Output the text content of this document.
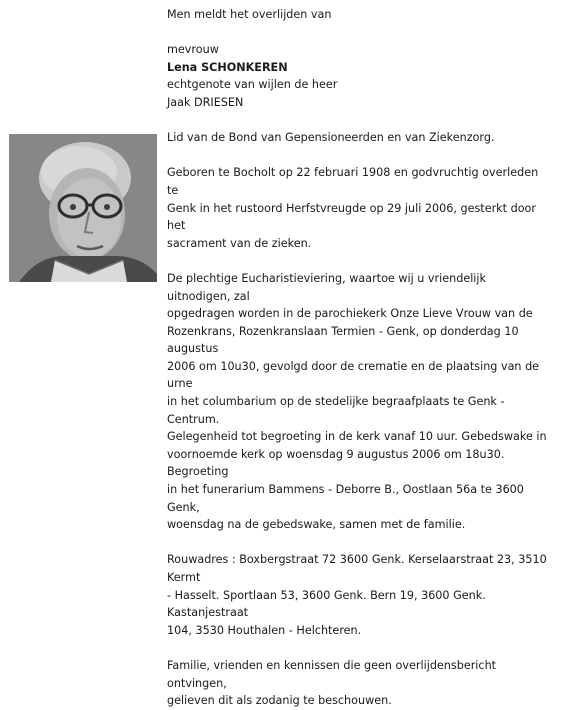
Men meldt het overlijden van
mevrouw
Lena SCHONKEREN
echtgenote van wijlen de heer
Jaak DRIESEN
Lid van de Bond van Gepensioneerden en van Ziekenzorg.
Geboren te Bocholt op 22 februari 1908 en godvruchtig overleden te
Genk in het rustoord Herfstvreugde op 29 juli 2006, gesterkt door het
sacrament van de zieken.
De plechtige Eucharistieviering, waartoe wij u vriendelijk uitnodigen, zal
opgedragen worden in de parochiekerk Onze Lieve Vrouw van de
Rozenkrans, Rozenkranslaan Termien - Genk, op donderdag 10 augustus
2006 om 10u30, gevolgd door de crematie en de plaatsing van de urne
in het columbarium op de stedelijke begraafplaats te Genk - Centrum.
Gelegenheid tot begroeting in de kerk vanaf 10 uur. Gebedswake in
voornoemde kerk op woensdag 9 augustus 2006 om 18u30. Begroeting
in het funerarium Bammens - Deborre B., Oostlaan 56a te 3600 Genk,
woensdag na de gebedswake, samen met de familie.
Rouwadres : Boxbergstraat 72 3600 Genk. Kerselaarstraat 23, 3510 Kermt
- Hasselt. Sportlaan 53, 3600 Genk. Bern 19, 3600 Genk. Kastanjestraat
104, 3530 Houthalen - Helchteren.
Familie, vrienden en kennissen die geen overlijdensbericht ontvingen,
gelieven dit als zodanig te beschouwen.
